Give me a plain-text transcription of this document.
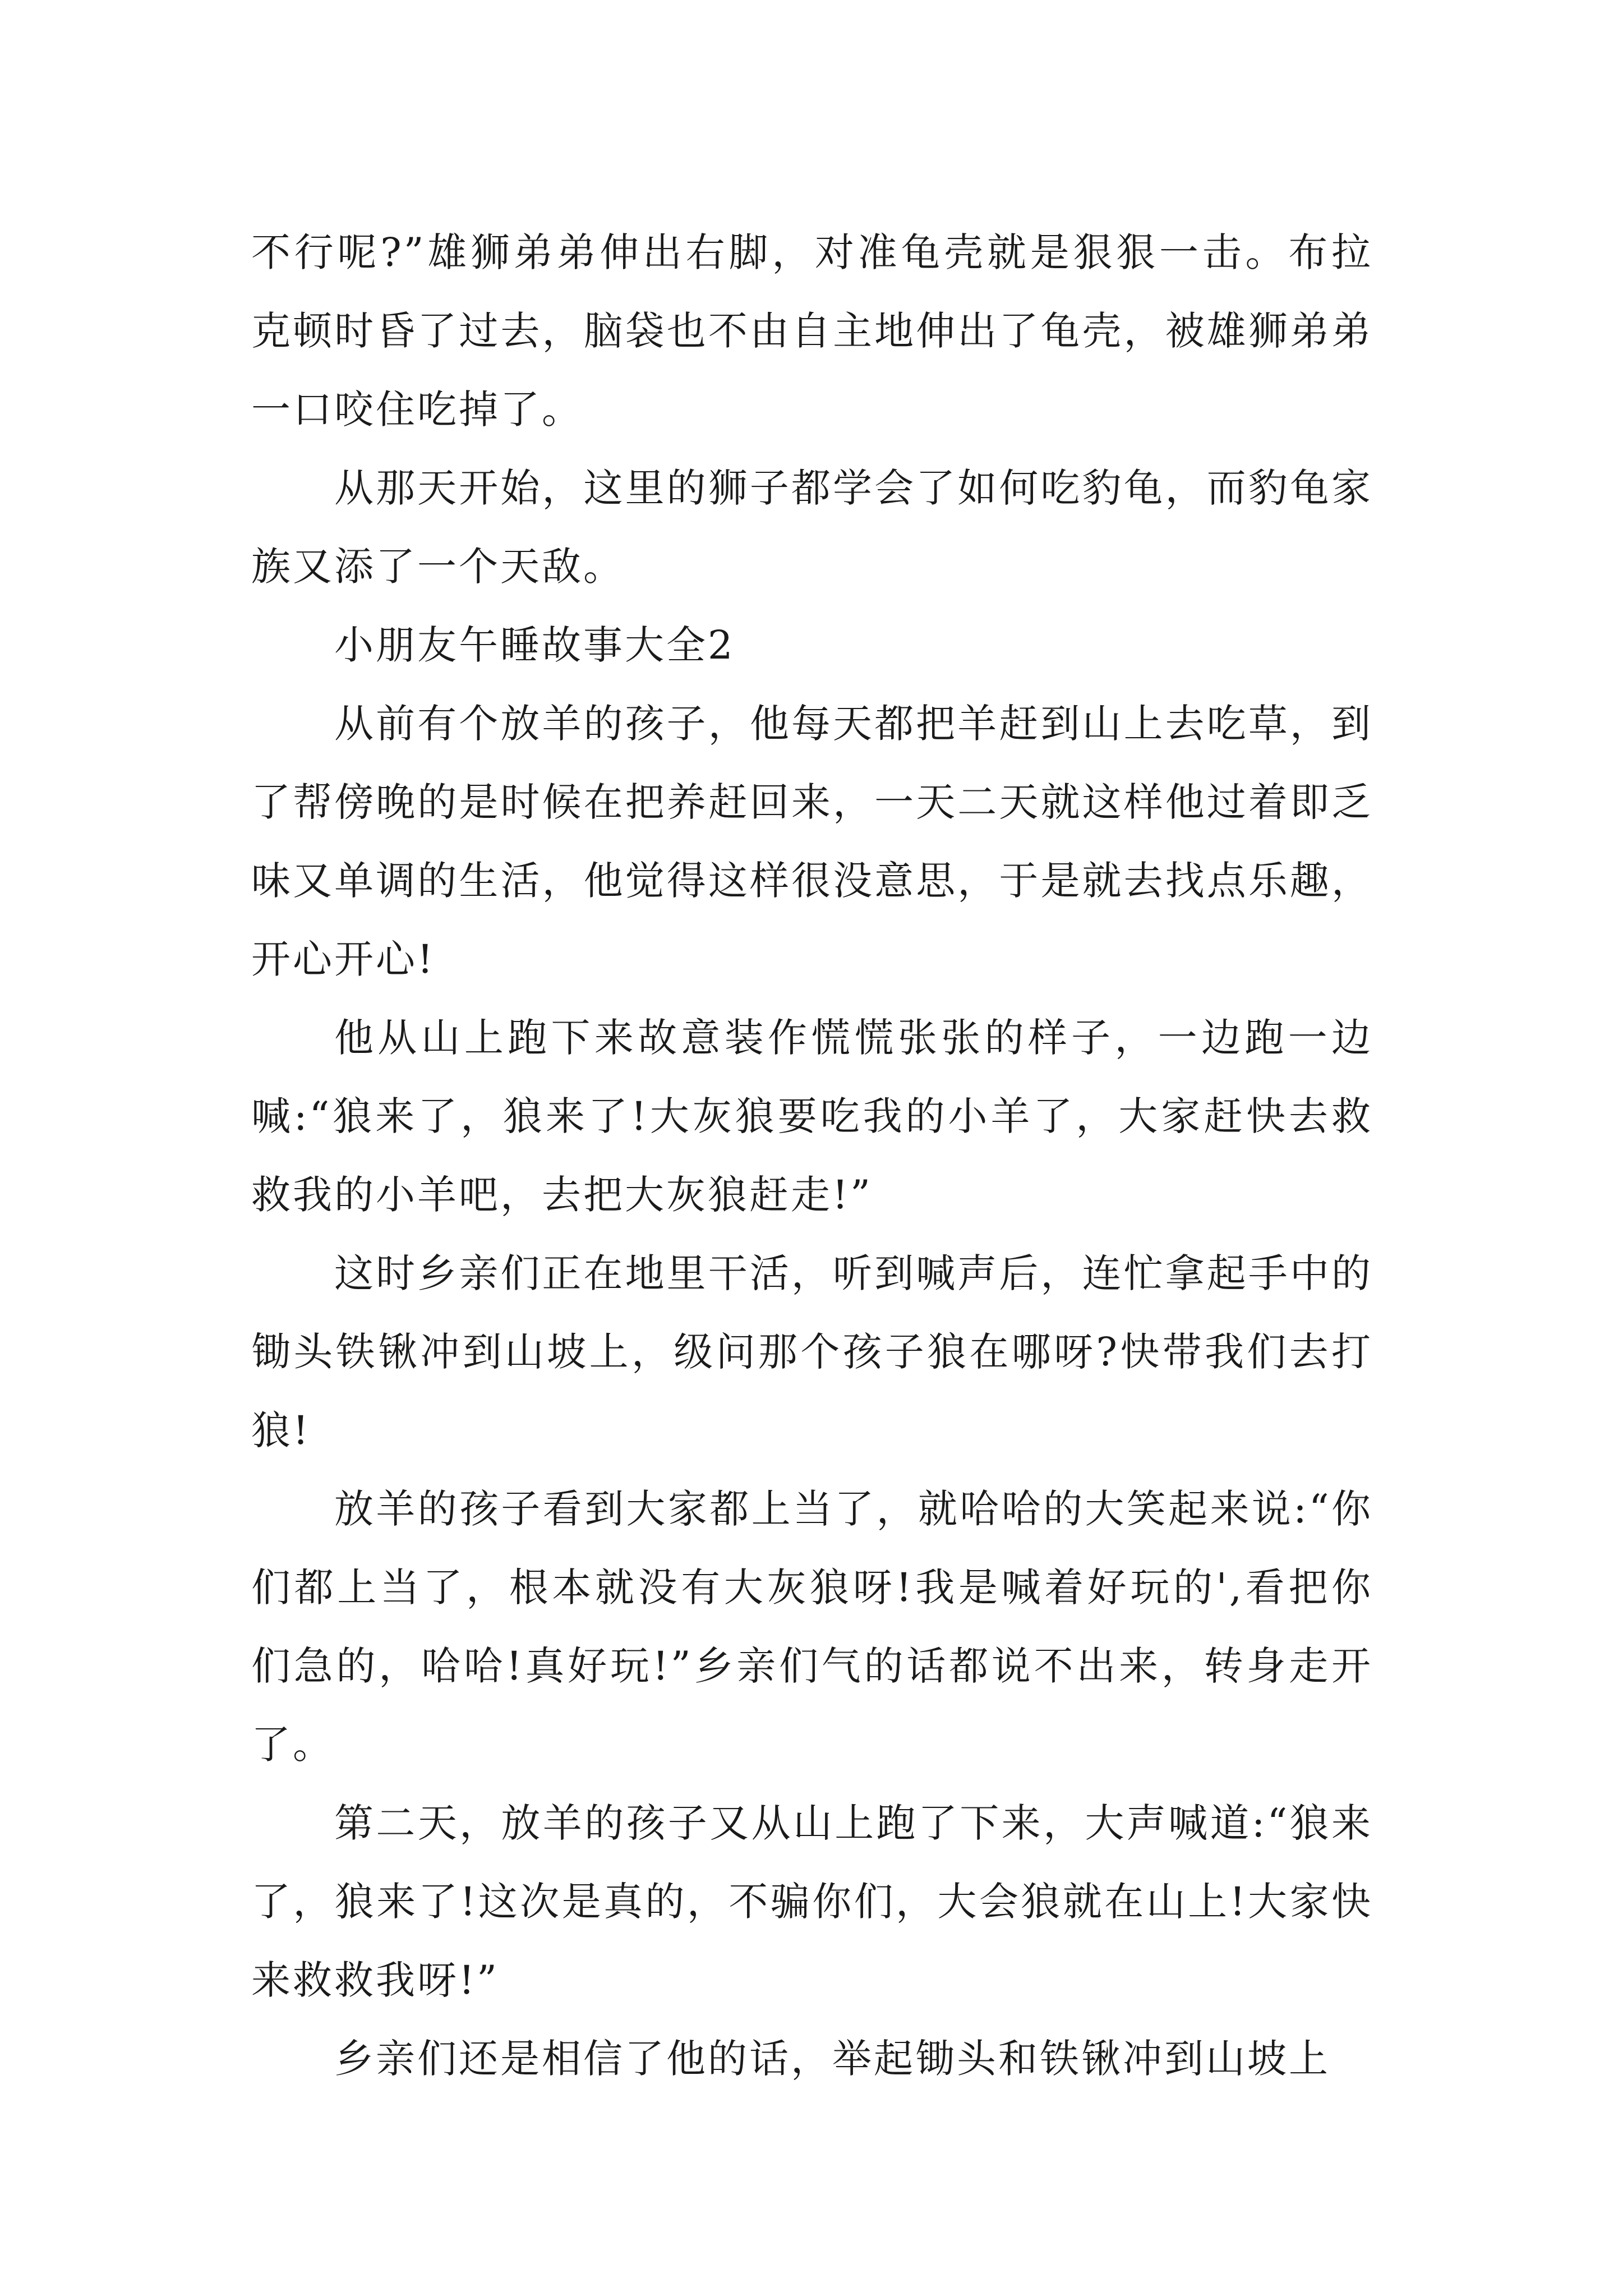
不行呢?”雄狮弟弟伸出右脚，对准龟壳就是狠狠一击。布拉克顿时昏了过去，脑袋也不由自主地伸出了龟壳，被雄狮弟弟一口咬住吃掉了。

从那天开始，这里的狮子都学会了如何吃豹龟，而豹龟家族又添了一个天敌。

小朋友午睡故事大全2

从前有个放羊的孩子，他每天都把羊赶到山上去吃草，到了帮傍晚的是时候在把养赶回来，一天二天就这样他过着即乏味又单调的生活，他觉得这样很没意思，于是就去找点乐趣，开心开心!

他从山上跑下来故意装作慌慌张张的样子，一边跑一边喊:“狼来了，狼来了!大灰狼要吃我的小羊了，大家赶快去救救我的小羊吧，去把大灰狼赶走!”

这时乡亲们正在地里干活，听到喊声后，连忙拿起手中的锄头铁锹冲到山坡上，级问那个孩子狼在哪呀?快带我们去打狼!

放羊的孩子看到大家都上当了，就哈哈的大笑起来说:“你们都上当了，根本就没有大灰狼呀!我是喊着好玩的',看把你们急的，哈哈!真好玩!”乡亲们气的话都说不出来，转身走开了。

第二天，放羊的孩子又从山上跑了下来，大声喊道:“狼来了，狼来了!这次是真的，不骗你们，大会狼就在山上!大家快来救救我呀!”

乡亲们还是相信了他的话，举起锄头和铁锹冲到山坡上
